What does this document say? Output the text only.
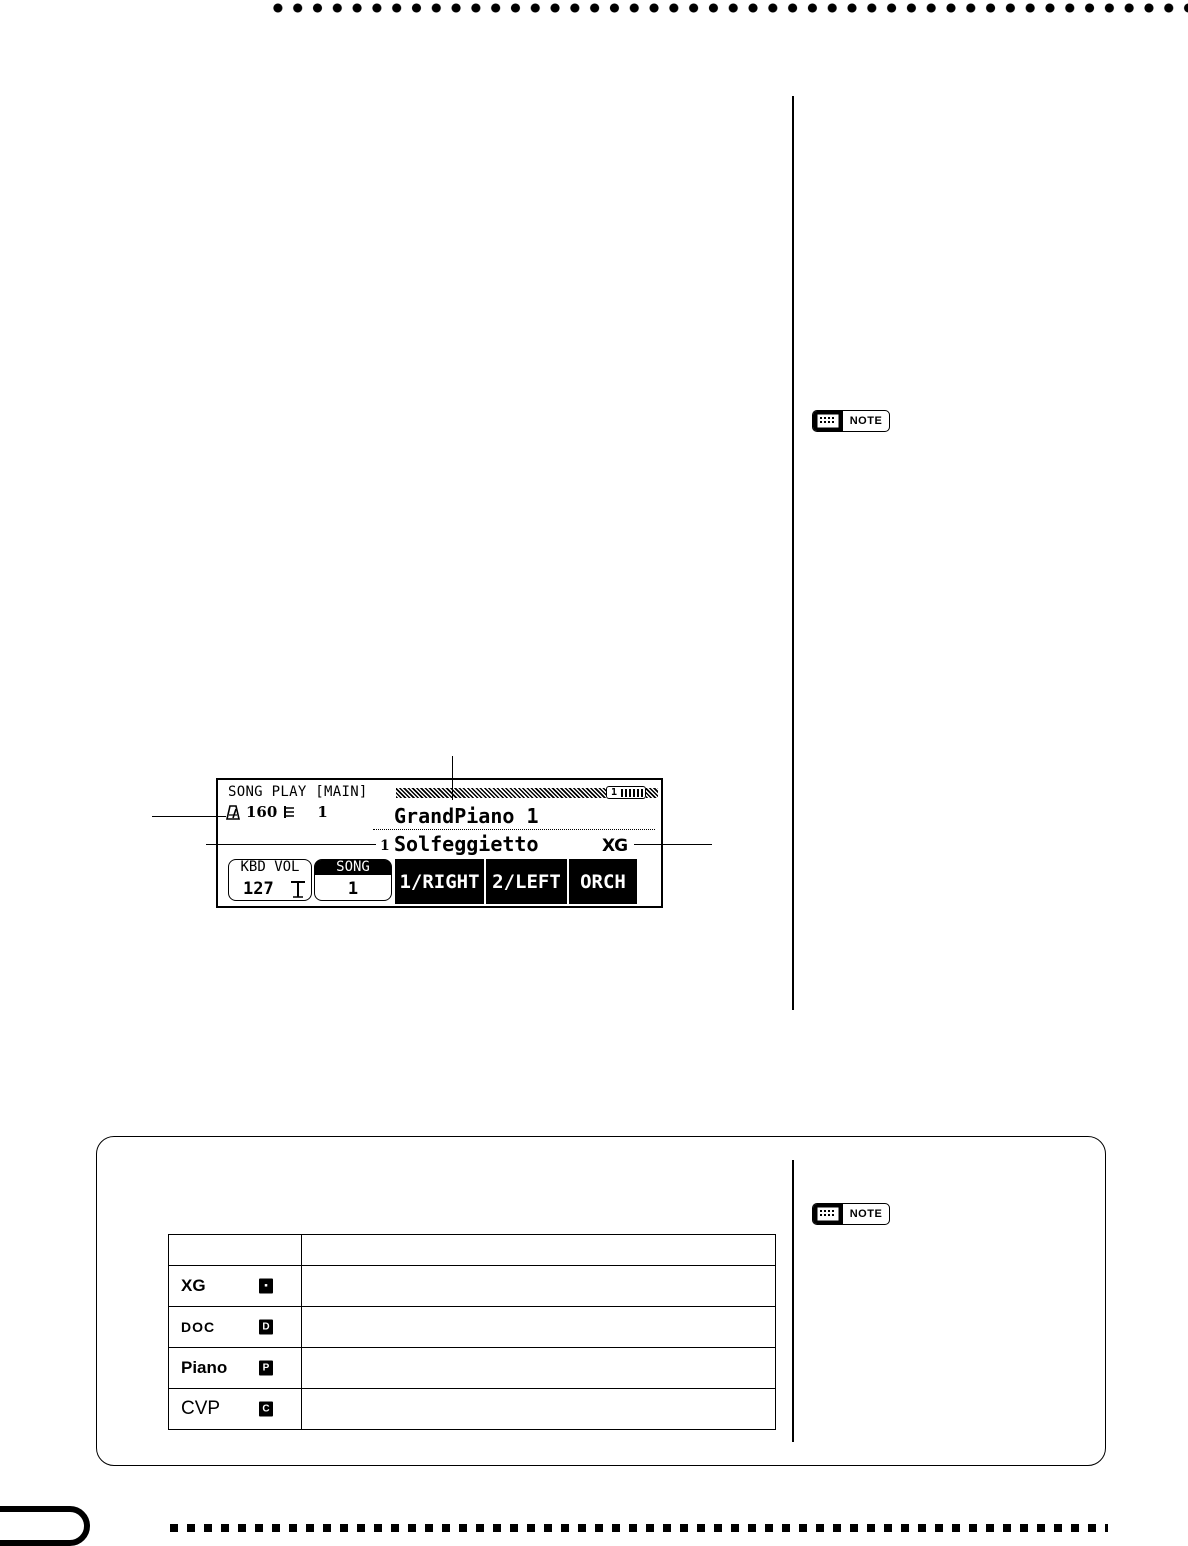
NOTE
SONG PLAY [MAIN]	1
160	1	GrandPiano 1
1 Solfeggietto	XG
KBD VOL
127
SONG
1	1/RIGHT 2/LEFT	ORCH
NOTE

XG ▪	

DOC D	

Piano P	

CVP C	
